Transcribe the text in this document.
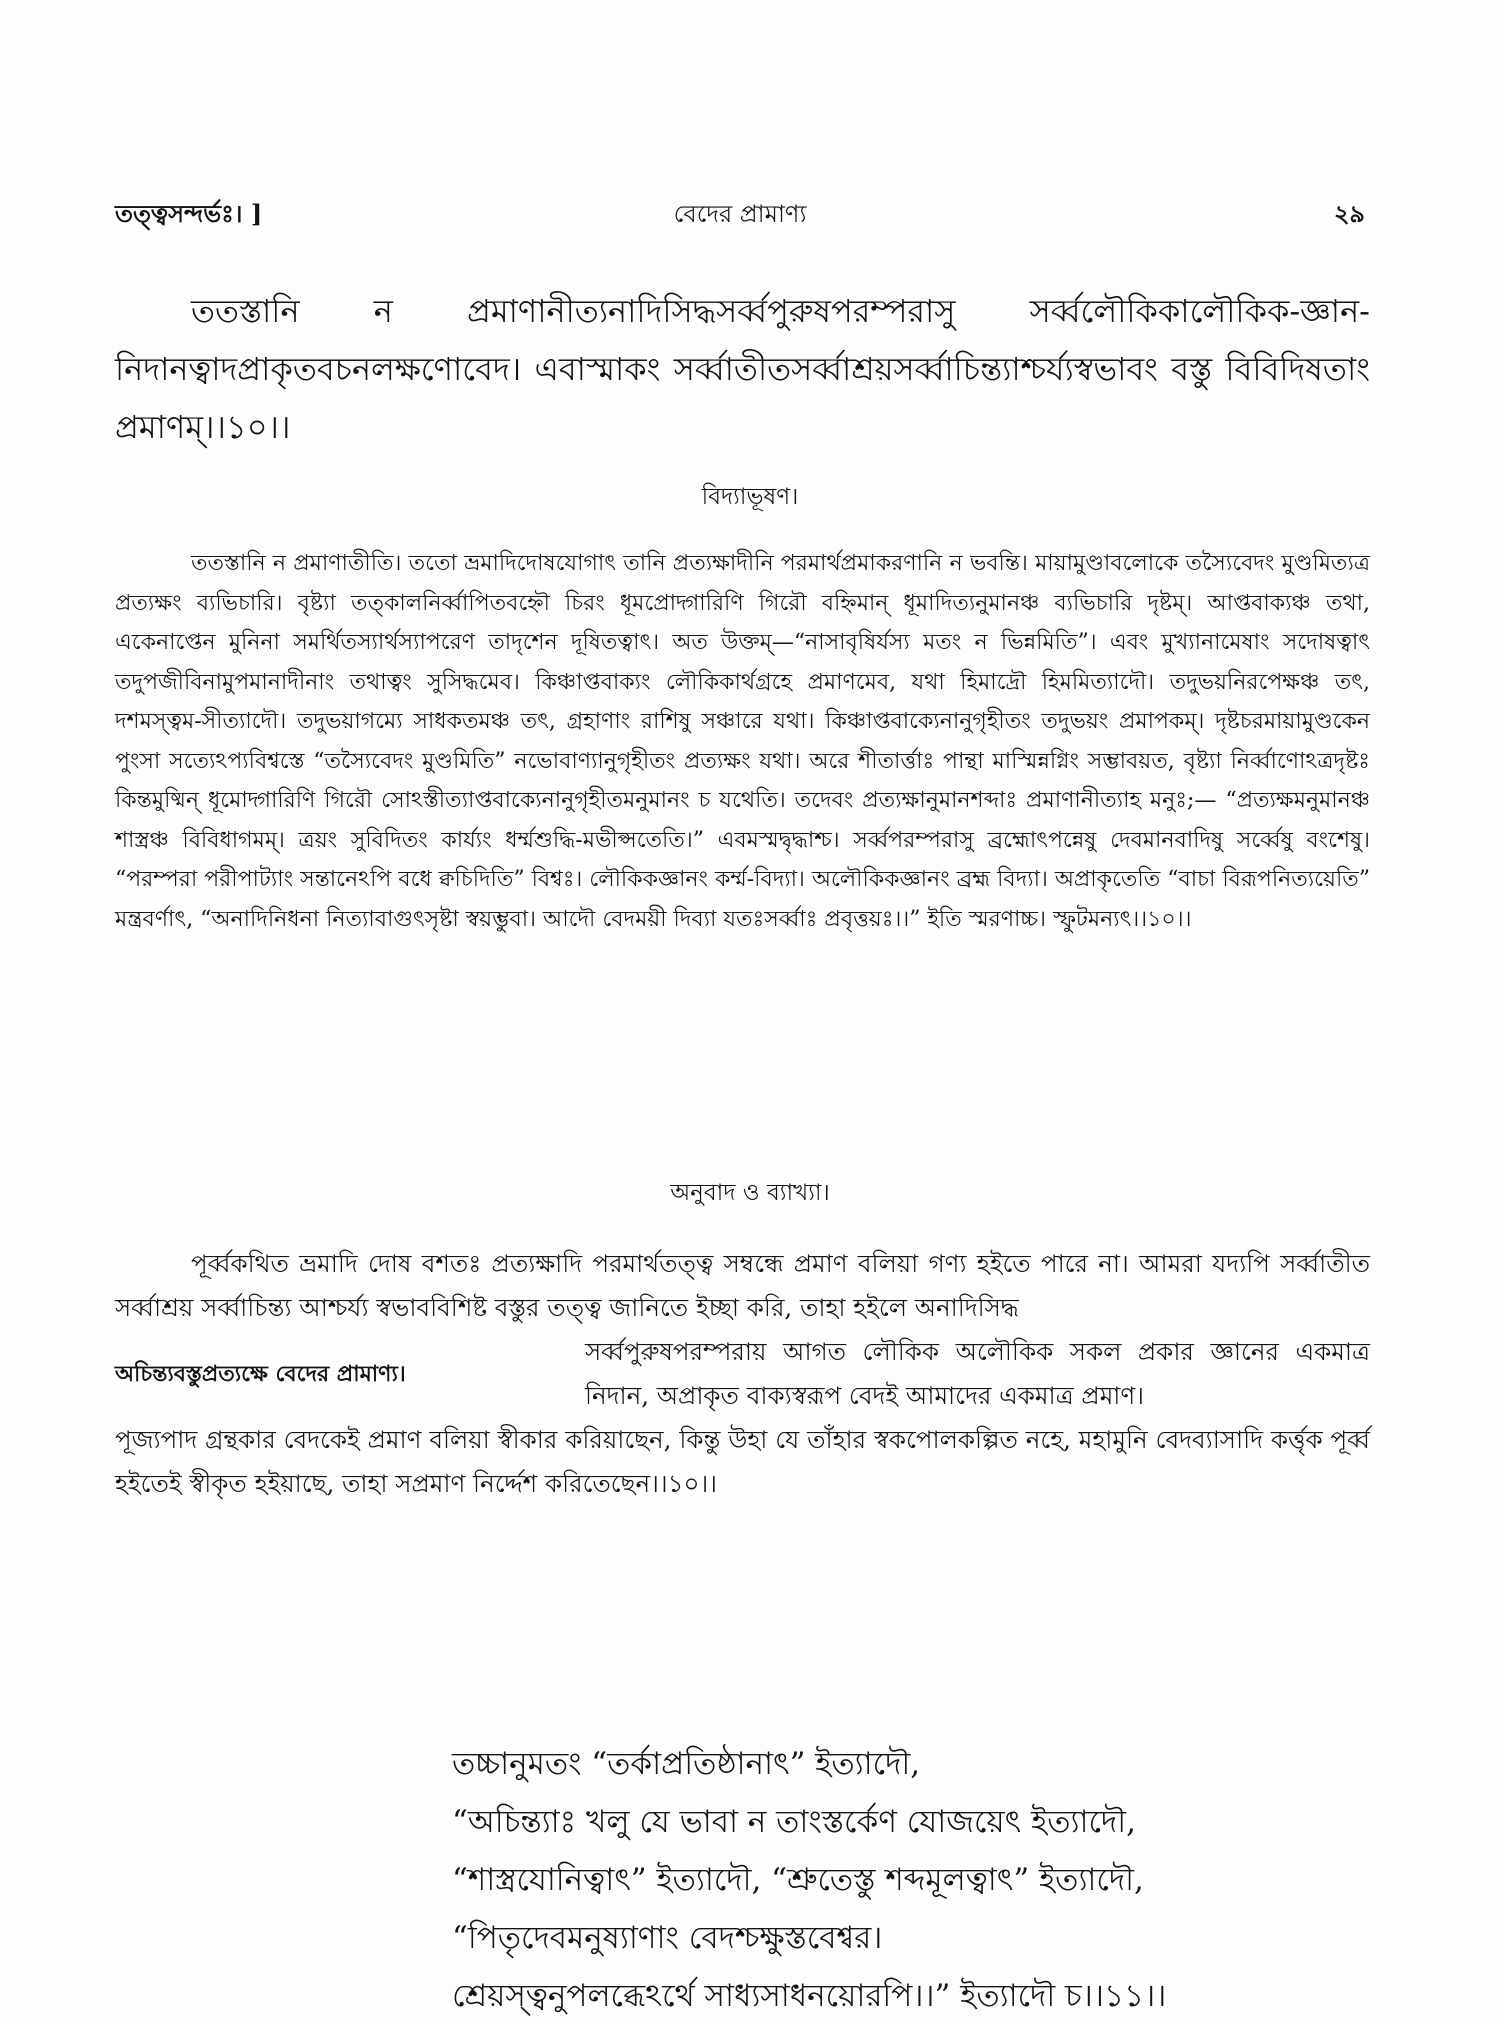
তত্ত্বসন্দর্ভঃ। ]	বেদের প্রামাণ্য	২৯
ততস্তানি ন প্রমাণানীত্যনাদিসিদ্ধসর্ব্বপুরুষপরম্পরাসু সর্ব্বলৌকিকালৌকিক-জ্ঞান-নিদানত্বাদপ্রাকৃতবচনলক্ষণোবেদ। এবাস্মাকং সর্ব্বাতীতসর্ব্বাশ্রয়সর্ব্বাচিন্ত্যাশ্চর্য্যস্বভাবং বস্তু বিবিদিষতাং প্রমাণম্।।১০।।
বিদ্যাভূষণ।
ততস্তানি ন প্রমাণাতীতি। ততো ভ্রমাদিদোষযোগাৎ তানি প্রত্যক্ষাদীনি পরমার্থপ্রমাকরণানি ন ভবন্তি। মায়ামুণ্ডাবলোকে তস্যৈবেদং মুণ্ডমিত্যত্র প্রত্যক্ষং ব্যভিচারি। বৃষ্ট্যা তত্কালনির্ব্বাপিতবহ্নৌ চিরং ধূমপ্রোদ্গারিণি গিরৌ বহ্নিমান্ ধূমাদিত্যনুমানঞ্চ ব্যভিচারি দৃষ্টম্। আপ্তবাক্যঞ্চ তথা, একেনাপ্তেন মুনিনা সমর্থিতস্যার্থস্যাপরেণ তাদৃশেন দূষিতত্বাৎ। অত উক্তম্—“নাসাবৃষির্যস্য মতং ন ভিন্নমিতি”। এবং মুখ্যানামেষাং সদোষত্বাৎ তদুপজীবিনামুপমানাদীনাং তথাত্বং সুসিদ্ধমেব। কিঞ্চাপ্তবাক্যং লৌকিকার্থগ্রহে প্রমাণমেব, যথা হিমাদ্রৌ হিমমিত্যাদৌ। তদুভয়নিরপেক্ষঞ্চ তৎ, দশমস্ত্বম-সীত্যাদৌ। তদুভয়াগম্যে সাধকতমঞ্চ তৎ, গ্রহাণাং রাশিষু সঞ্চারে যথা। কিঞ্চাপ্তবাক্যেনানুগৃহীতং তদুভয়ং প্রমাপকম্। দৃষ্টচরমায়ামুণ্ডকেন পুংসা সত্যেঽপ্যবিশ্বস্তে “তস্যৈবেদং মুণ্ডমিতি” নভোবাণ্যানুগৃহীতং প্রত্যক্ষং যথা। অরে শীতার্ত্তাঃ পান্থা মাস্মিন্নগ্নিং সম্ভাবয়ত, বৃষ্ট্যা নির্ব্বাণোঽত্রদৃষ্টঃ কিন্তমুষ্মিন্ ধূমোদ্গারিণি গিরৌ সোঽস্তীত্যাপ্তবাক্যেনানুগৃহীতমনুমানং চ যথেতি। তদেবং প্রত্যক্ষানুমানশব্দাঃ প্রমাণানীত্যাহ মনুঃ;— “প্রত্যক্ষমনুমানঞ্চ শাস্ত্রঞ্চ বিবিধাগমম্। ত্রয়ং সুবিদিতং কার্য্যং ধর্ম্মশুদ্ধি-মভীপ্সতেতি।” এবমস্মদ্বৃদ্ধাশ্চ। সর্ব্বপরম্পরাসু ব্রহ্মোৎপন্নেষু দেবমানবাদিষু সর্ব্বেষু বংশেষু। “পরম্পরা পরীপাট্যাং সন্তানেঽপি বধে ক্বচিদিতি” বিশ্বঃ। লৌকিকজ্ঞানং কর্ম্ম-বিদ্যা। অলৌকিকজ্ঞানং ব্রহ্ম বিদ্যা। অপ্রাকৃতেতি “বাচা বিরূপনিত্যয়েতি” মন্ত্রবর্ণাৎ, “অনাদিনিধনা নিত্যাবাগুৎসৃষ্টা স্বয়ম্ভুবা। আদৌ বেদময়ী দিব্যা যতঃসর্ব্বাঃ প্রবৃত্তয়ঃ।।” ইতি স্মরণাচ্চ। স্ফুটমন্যৎ।।১০।।
অনুবাদ ও ব্যাখ্যা।

পূর্ব্বকথিত ভ্রমাদি দোষ বশতঃ প্রত্যক্ষাদি পরমার্থতত্ত্ব সম্বন্ধে প্রমাণ বলিয়া গণ্য হইতে পারে না। আমরা যদ্যপি সর্ব্বাতীত সর্ব্বাশ্রয় সর্ব্বাচিন্ত্য আশ্চর্য্য স্বভাববিশিষ্ট বস্তুর তত্ত্ব জানিতে ইচ্ছা করি, তাহা হইলে অনাদিসিদ্ধ

অচিন্ত্যবস্তুপ্রত্যক্ষে বেদের প্রামাণ্য।
সর্ব্বপুরুষপরম্পরায় আগত লৌকিক অলৌকিক সকল প্রকার জ্ঞানের একমাত্র নিদান, অপ্রাকৃত বাক্যস্বরূপ বেদই আমাদের একমাত্র প্রমাণ।

পূজ্যপাদ গ্রন্থকার বেদকেই প্রমাণ বলিয়া স্বীকার করিয়াছেন, কিন্তু উহা যে তাঁহার স্বকপোলকল্পিত নহে, মহামুনি বেদব্যাসাদি কর্ত্তৃক পূর্ব্ব হইতেই স্বীকৃত হইয়াছে, তাহা সপ্রমাণ নির্দ্দেশ করিতেছেন।।১০।।

তচ্চানুমতং “তর্কাপ্রতিষ্ঠানাৎ” ইত্যাদৌ,
“অচিন্ত্যাঃ খলু যে ভাবা ন তাংস্তর্কেণ যোজয়েৎ ইত্যাদৌ,
“শাস্ত্রযোনিত্বাৎ” ইত্যাদৌ, “শ্রুতেস্তু শব্দমূলত্বাৎ” ইত্যাদৌ,
“পিতৃদেবমনুষ্যাণাং বেদশ্চক্ষুস্তবেশ্বর।
শ্রেয়স্ত্বনুপলব্ধেঽর্থে সাধ্যসাধনয়োরপি।।” ইত্যাদৌ চ।।১১।।
